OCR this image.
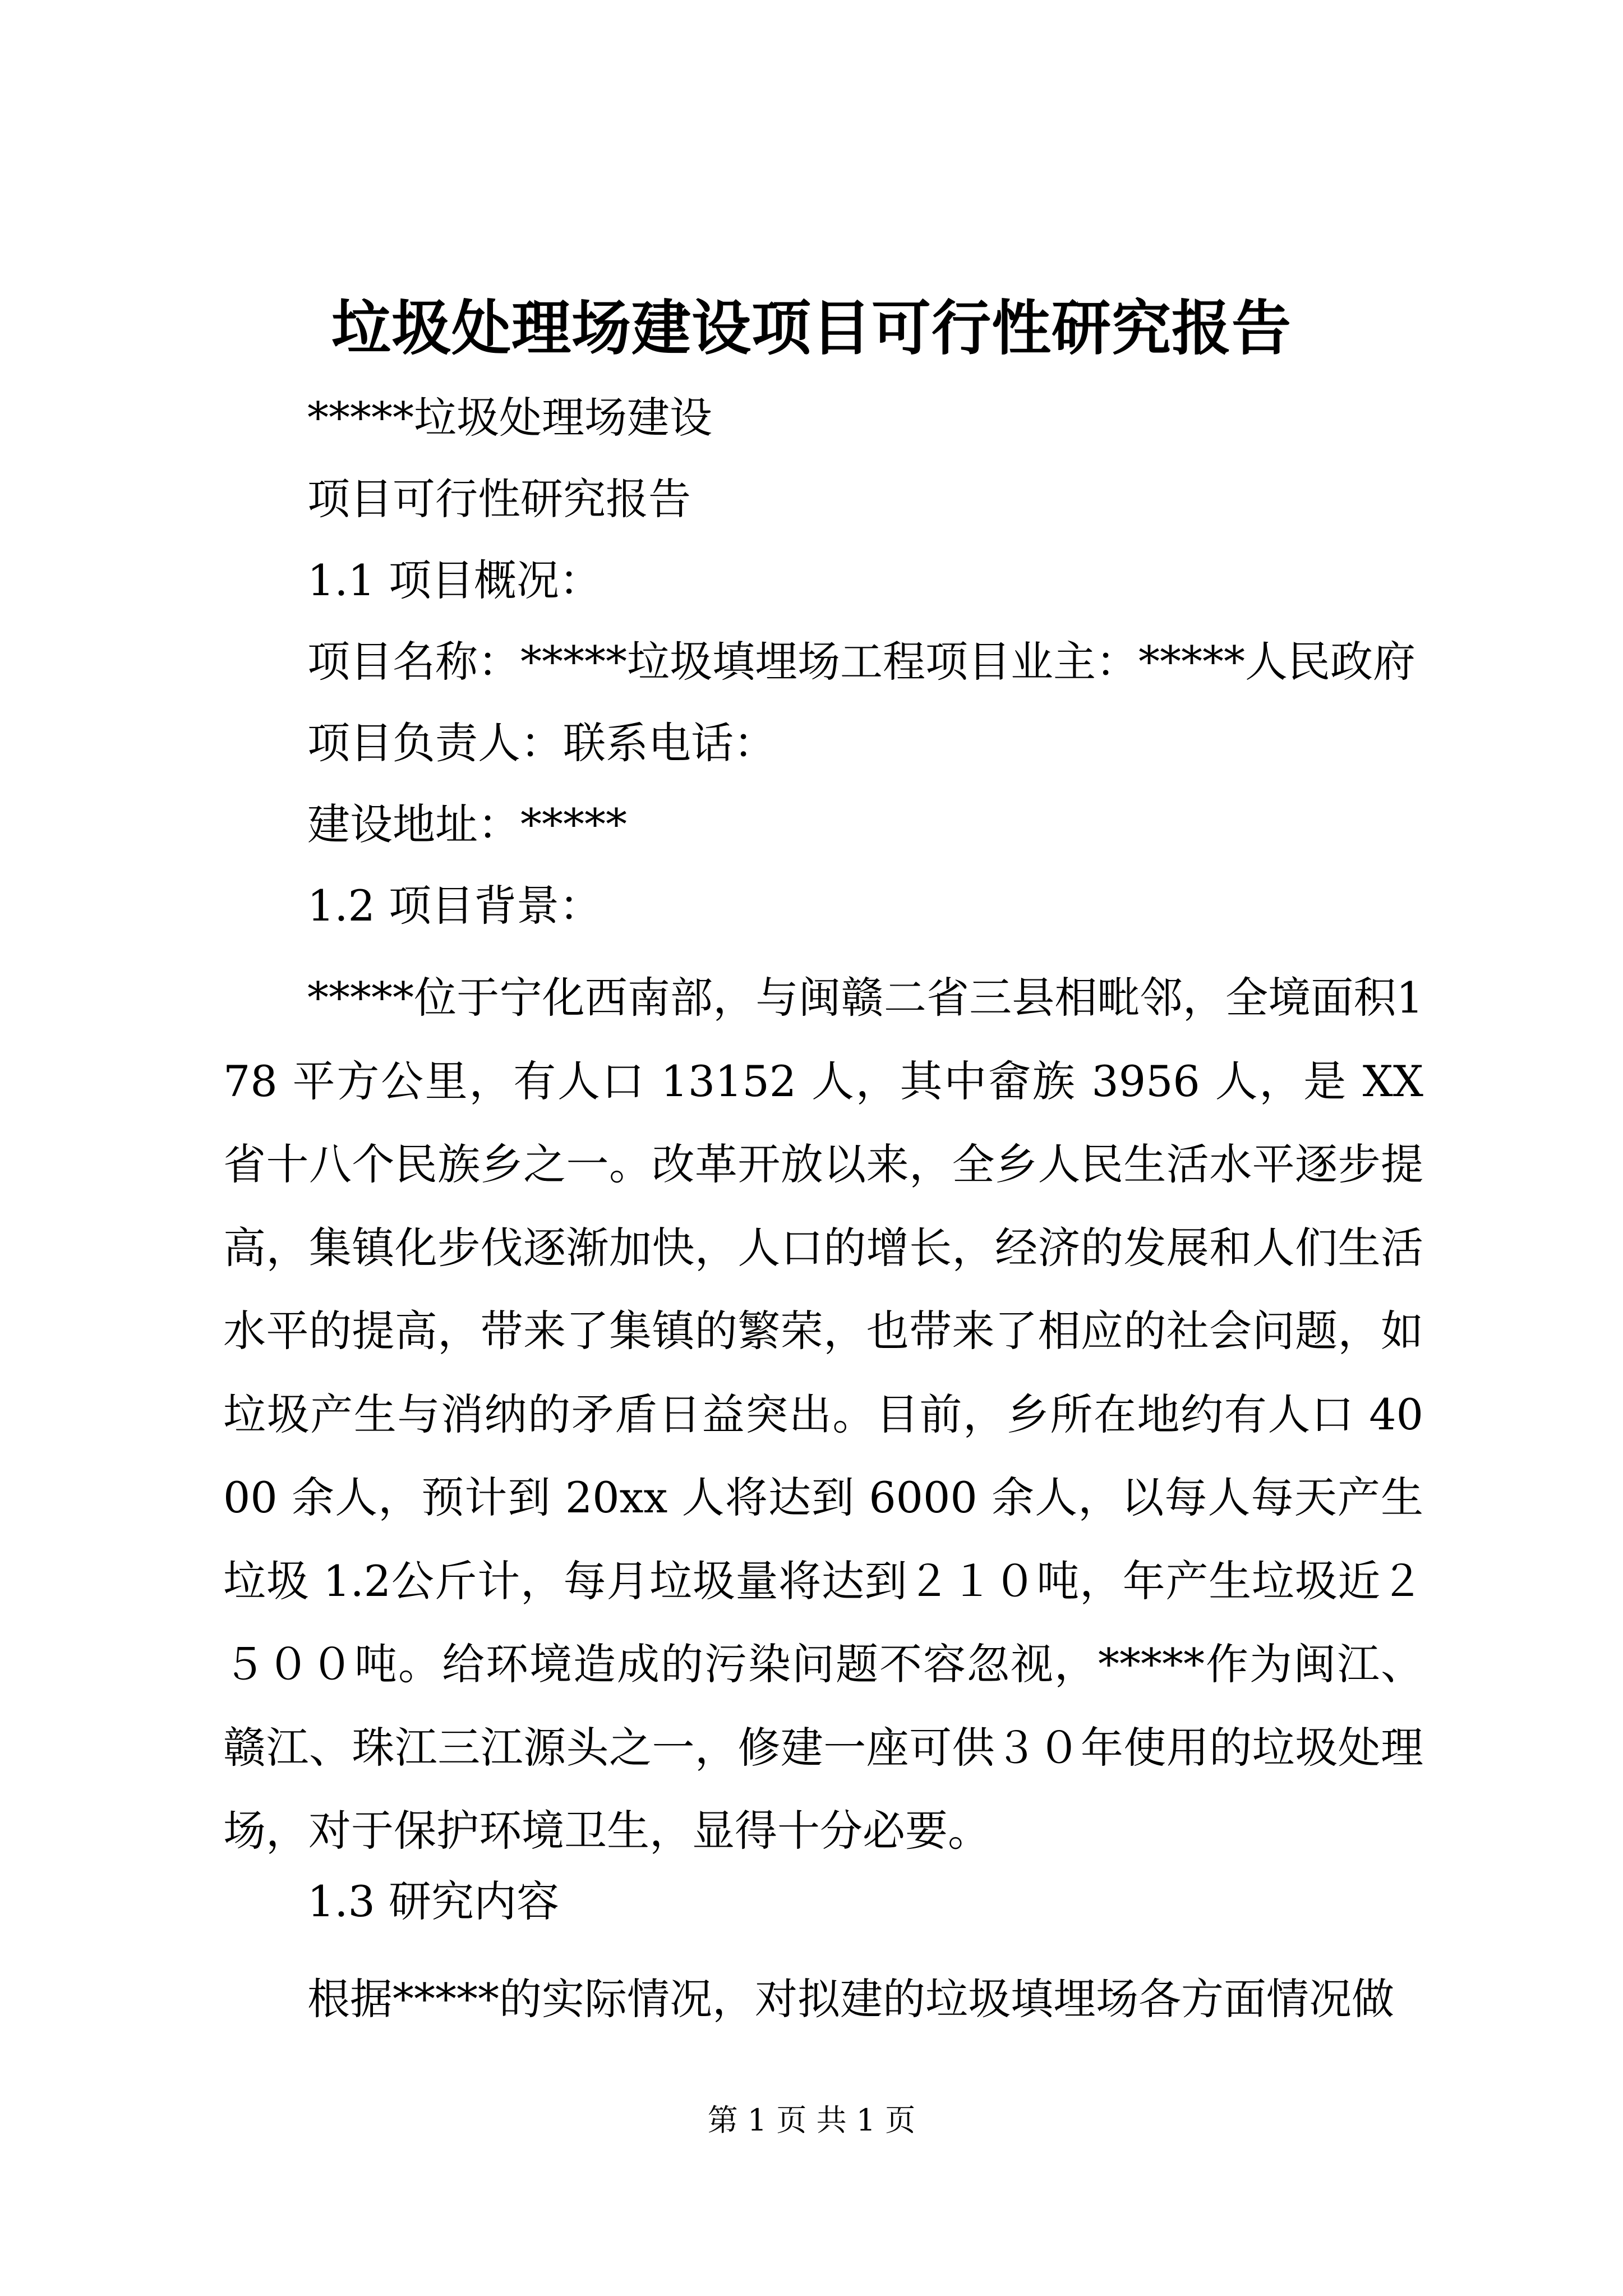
垃圾处理场建设项目可行性研究报告
*****垃圾处理场建设
项目可行性研究报告
1.1 项目概况：
项目名称：*****垃圾填埋场工程项目业主：*****人民政府
项目负责人：联系电话：
建设地址：*****
1.2 项目背景：
*****位于宁化西南部，与闽赣二省三县相毗邻，全境面积178 平方公里，有人口 13152 人，其中畲族 3956 人，是 XX 省十八个民族乡之一。改革开放以来，全乡人民生活水平逐步提高，集镇化步伐逐渐加快，人口的增长，经济的发展和人们生活水平的提高，带来了集镇的繁荣，也带来了相应的社会问题，如垃圾产生与消纳的矛盾日益突出。目前，乡所在地约有人口 4000 余人，预计到 20xx 人将达到 6000 余人，以每人每天产生垃圾 1.2公斤计，每月垃圾量将达到２１０吨，年产生垃圾近２５００吨。给环境造成的污染问题不容忽视，*****作为闽江、赣江、珠江三江源头之一，修建一座可供３０年使用的垃圾处理场，对于保护环境卫生，显得十分必要。
1.3 研究内容
根据*****的实际情况，对拟建的垃圾填埋场各方面情况做
第 1 页 共 1 页
